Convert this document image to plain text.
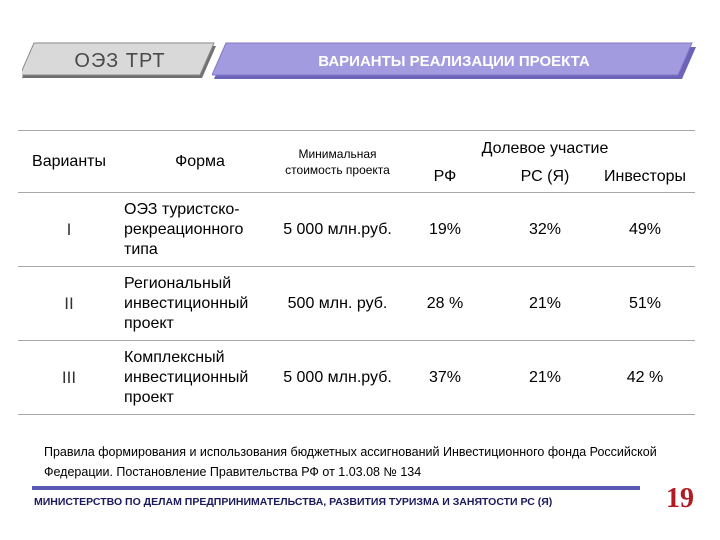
ОЭЗ ТРТ	ВАРИАНТЫ РЕАЛИЗАЦИИ ПРОЕКТА
Варианты	Форма	Минимальная стоимость проекта	Долевое участие		
			РФ	РС (Я)	Инвесторы
I	ОЭЗ туристско-рекреационного типа	5 000 млн.руб.	19%	32%	49%
II	Региональный инвестиционный проект	500 млн. руб.	28 %	21%	51%
III	Комплексный инвестиционный проект	5 000 млн.руб.	37%	21%	42 %
Правила формирования и использования бюджетных ассигнований Инвестиционного фонда Российской Федерации. Постановление Правительства РФ от 1.03.08 № 134
МИНИСТЕРСТВО ПО ДЕЛАМ ПРЕДПРИНИМАТЕЛЬСТВА, РАЗВИТИЯ ТУРИЗМА И ЗАНЯТОСТИ РС (Я)	19
